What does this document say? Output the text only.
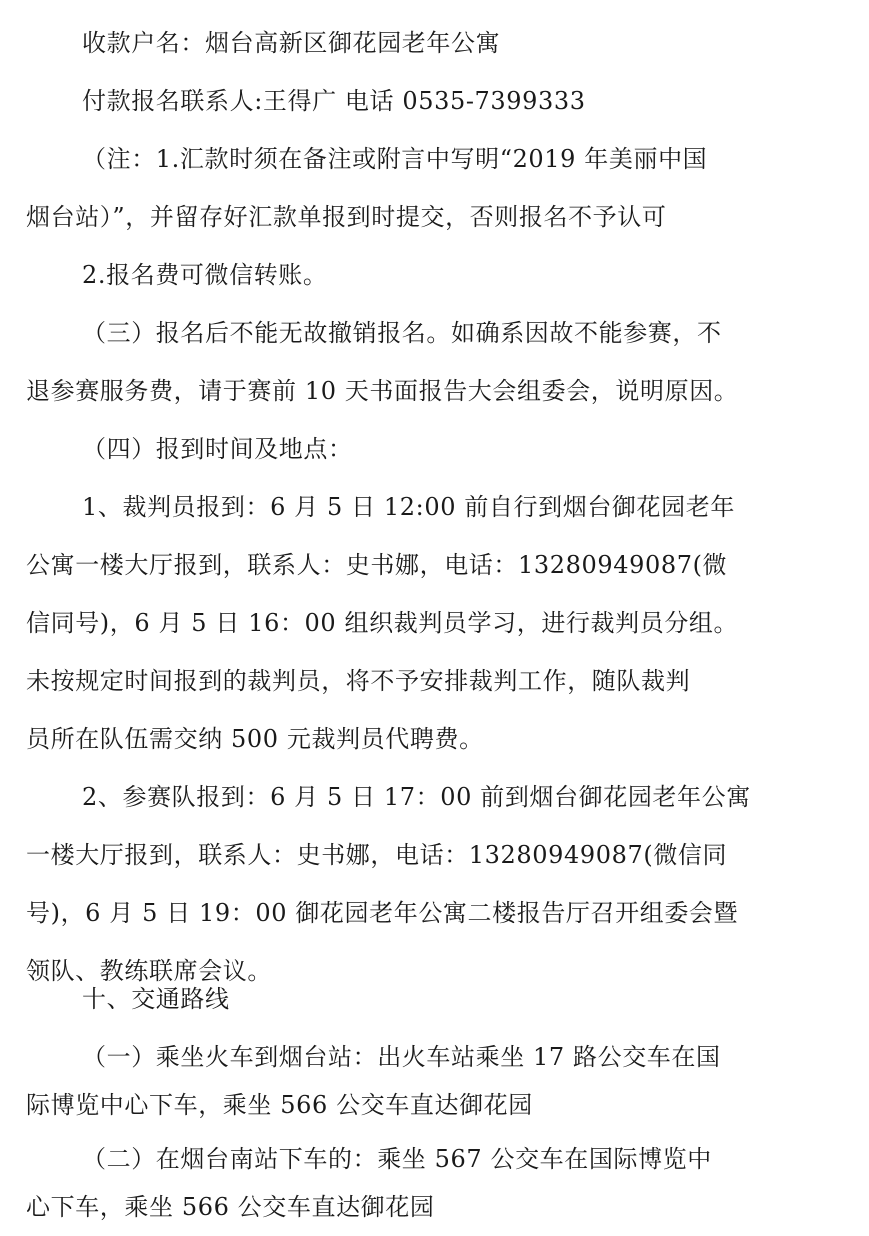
收款户名：烟台高新区御花园老年公寓
付款报名联系人:王得广 电话 0535-7399333
（注：1.汇款时须在备注或附言中写明“2019 年美丽中国
烟台站）”，并留存好汇款单报到时提交，否则报名不予认可
2.报名费可微信转账。
（三）报名后不能无故撤销报名。如确系因故不能参赛，不
退参赛服务费，请于赛前 10 天书面报告大会组委会，说明原因。
（四）报到时间及地点：
1、裁判员报到：6 月 5 日 12:00 前自行到烟台御花园老年
公寓一楼大厅报到，联系人：史书娜，电话：13280949087(微
信同号)，6 月 5 日 16：00 组织裁判员学习，进行裁判员分组。
未按规定时间报到的裁判员，将不予安排裁判工作，随队裁判
员所在队伍需交纳 500 元裁判员代聘费。
2、参赛队报到：6 月 5 日 17：00 前到烟台御花园老年公寓
一楼大厅报到，联系人：史书娜，电话：13280949087(微信同
号)，6 月 5 日 19：00 御花园老年公寓二楼报告厅召开组委会暨
领队、教练联席会议。
十、交通路线
（一）乘坐火车到烟台站：出火车站乘坐 17 路公交车在国
际博览中心下车，乘坐 566 公交车直达御花园
（二）在烟台南站下车的：乘坐 567 公交车在国际博览中
心下车，乘坐 566 公交车直达御花园
